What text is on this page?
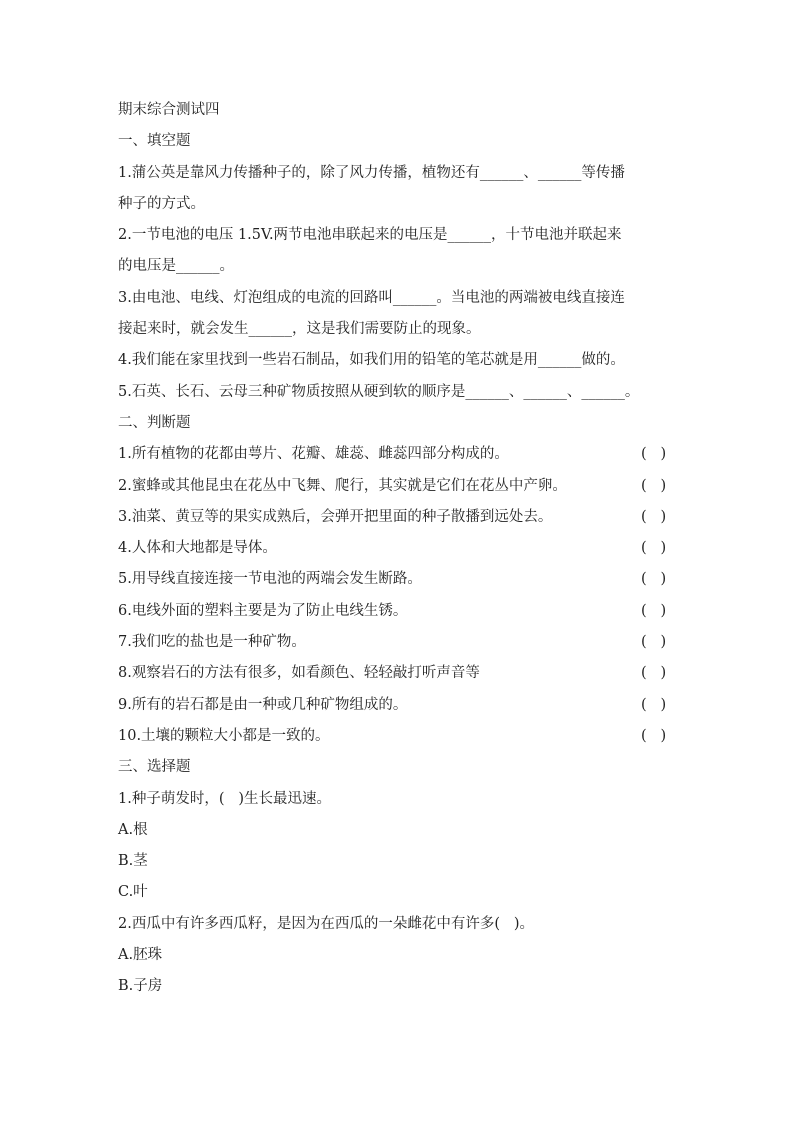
期末综合测试四
一、填空题
1.蒲公英是靠风力传播种子的，除了风力传播，植物还有______、______等传播
种子的方式。
2.一节电池的电压 1.5V.两节电池串联起来的电压是______，十节电池并联起来
的电压是______。
3.由电池、电线、灯泡组成的电流的回路叫______。当电池的两端被电线直接连
接起来时，就会发生______，这是我们需要防止的现象。
4.我们能在家里找到一些岩石制品，如我们用的铅笔的笔芯就是用______做的。
5.石英、长石、云母三种矿物质按照从硬到软的顺序是______、______、______。
二、判断题
1.所有植物的花都由萼片、花瓣、雄蕊、雌蕊四部分构成的。	(   )
2.蜜蜂或其他昆虫在花丛中飞舞、爬行，其实就是它们在花丛中产卵。	(   )
3.油菜、黄豆等的果实成熟后，会弹开把里面的种子散播到远处去。	(   )
4.人体和大地都是导体。	(   )
5.用导线直接连接一节电池的两端会发生断路。	(   )
6.电线外面的塑料主要是为了防止电线生锈。	(   )
7.我们吃的盐也是一种矿物。	(   )
8.观察岩石的方法有很多，如看颜色、轻轻敲打听声音等	(   )
9.所有的岩石都是由一种或几种矿物组成的。	(   )
10.土壤的颗粒大小都是一致的。	(   )
三、选择题
1.种子萌发时，(   )生长最迅速。
A.根
B.茎
C.叶
2.西瓜中有许多西瓜籽，是因为在西瓜的一朵雌花中有许多(   )。
A.胚珠
B.子房
